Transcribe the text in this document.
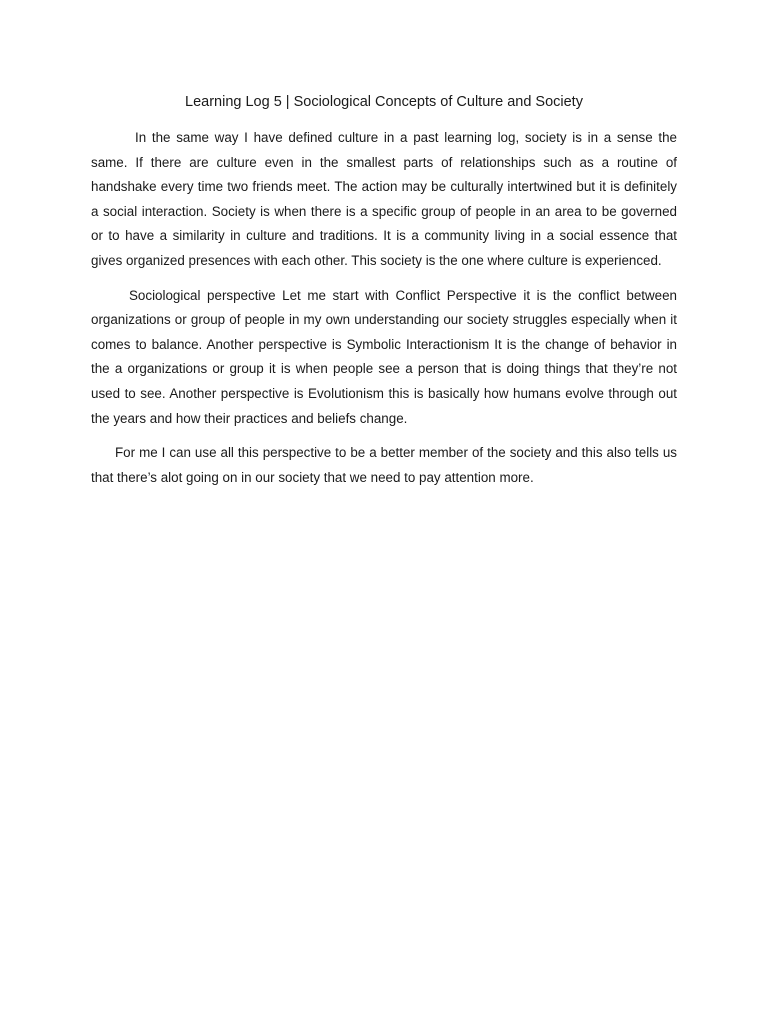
Learning Log 5 | Sociological Concepts of Culture and Society

In the same way I have defined culture in a past learning log, society is in a sense the same. If there are culture even in the smallest parts of relationships such as a routine of handshake every time two friends meet. The action may be culturally intertwined but it is definitely a social interaction. Society is when there is a specific group of people in an area to be governed or to have a similarity in culture and traditions. It is a community living in a social essence that gives organized presences with each other. This society is the one where culture is experienced.

Sociological perspective Let me start with Conflict Perspective it is the conflict between organizations or group of people in my own understanding our society struggles especially when it comes to balance. Another perspective is Symbolic Interactionism It is the change of behavior in the a organizations or group it is when people see a person that is doing things that they’re not used to see. Another perspective is Evolutionism this is basically how humans evolve through out the years and how their practices and beliefs change.

For me I can use all this perspective to be a better member of the society and this also tells us that there’s alot going on in our society that we need to pay attention more.
